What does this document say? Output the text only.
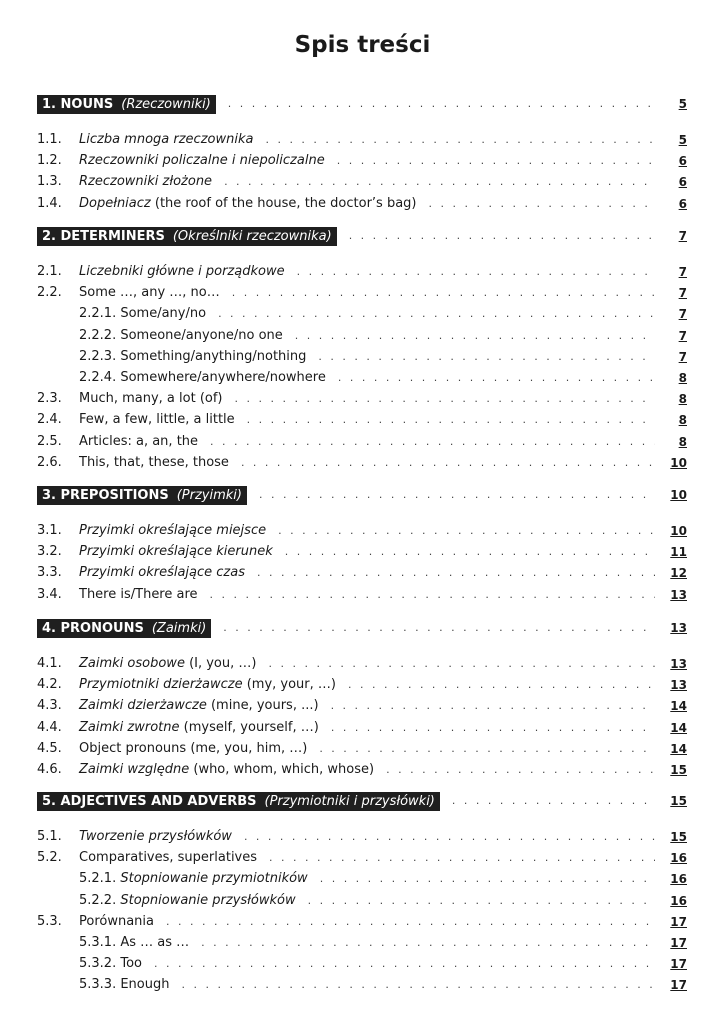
Spis treści
1. NOUNS (Rzeczowniki) . . .	5
1.1.	Liczba mnoga rzeczownika . . .	5
1.2.	Rzeczowniki policzalne i niepoliczalne . . .	6
1.3.	Rzeczowniki złożone . . .	6
1.4.	Dopełniacz (the roof of the house, the doctor’s bag) . . .	6
2. DETERMINERS (Określniki rzeczownika) . . .	7
2.1.	Liczebniki główne i porządkowe . . .	7
2.2.	Some …, any …, no… . . .	7
2.2.1. Some/any/no . . .	7
2.2.2. Someone/anyone/no one . . .	7
2.2.3. Something/anything/nothing . . .	7
2.2.4. Somewhere/anywhere/nowhere . . .	8
2.3.	Much, many, a lot (of) . . .	8
2.4.	Few, a few, little, a little . . .	8
2.5.	Articles: a, an, the . . .	8
2.6.	This, that, these, those . . .	10
3. PREPOSITIONS (Przyimki) . . .	10
3.1.	Przyimki określające miejsce . . .	10
3.2.	Przyimki określające kierunek . . .	11
3.3.	Przyimki określające czas . . .	12
3.4.	There is/There are . . .	13
4. PRONOUNS (Zaimki) . . .	13
4.1.	Zaimki osobowe (I, you, …) . . .	13
4.2.	Przymiotniki dzierżawcze (my, your, …) . . .	13
4.3.	Zaimki dzierżawcze (mine, yours, ...) . . .	14
4.4.	Zaimki zwrotne (myself, yourself, …) . . .	14
4.5.	Object pronouns (me, you, him, …) . . .	14
4.6.	Zaimki względne (who, whom, which, whose) . . .	15
5. ADJECTIVES AND ADVERBS (Przymiotniki i przysłówki) . . .	15
5.1.	Tworzenie przysłówków . . .	15
5.2.	Comparatives, superlatives . . .	16
5.2.1. Stopniowanie przymiotników . . .	16
5.2.2. Stopniowanie przysłówków . . .	16
5.3.	Porównania . . .	17
5.3.1. As … as … . . .	17
5.3.2. Too . . .	17
5.3.3. Enough . . .	17
